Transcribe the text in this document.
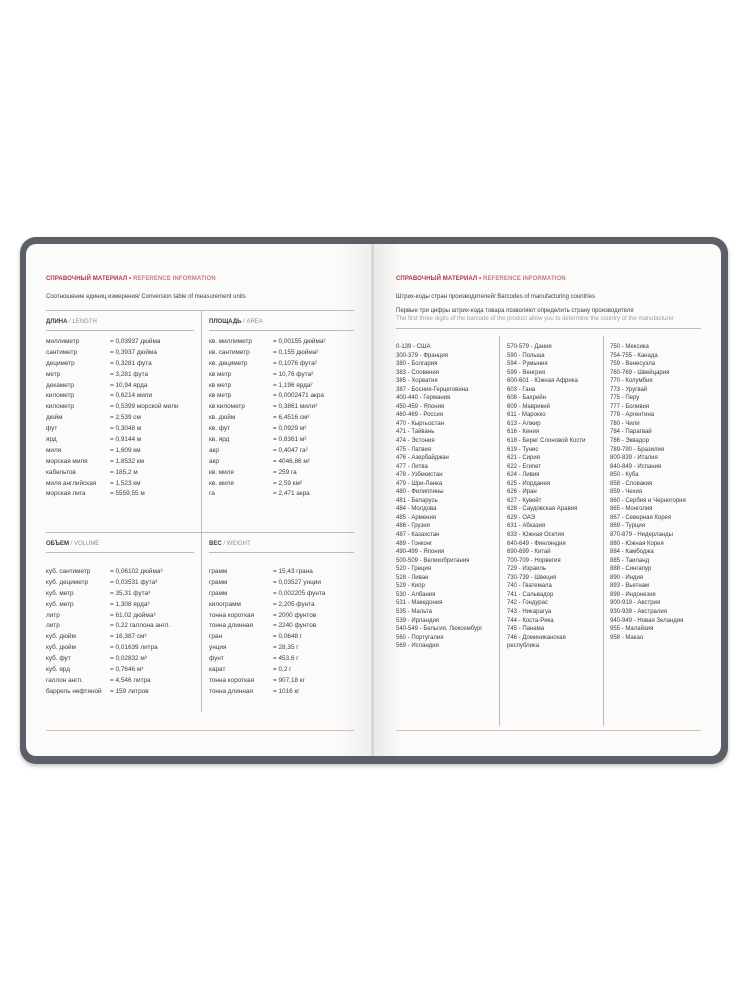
СПРАВОЧНЫЙ МАТЕРИАЛ • REFERENCE INFORMATION
Соотношение единиц измерения/ Conversion table of measurement units
ДЛИНА / LENGTH
миллиметр	= 0,03937 дюйма
сантиметр	= 0,3937 дюйма
дециметр	= 0,3281 фута
метр	= 3,281 фута
декаметр	= 10,94 ярда
километр	= 0,6214 мили
километр	= 0,5399 морской мили
дюйм	= 2,539 см
фут	= 0,3048 м
ярд	= 0,9144 м
миля	= 1,609 км
морская миля	= 1,8532 км
кабельтов	= 185,2 м
миля английская = 1,523 км
морская лига	= 5559,55 м
ПЛОЩАДЬ / AREA
кв. миллиметр	= 0,00155 дюйма²
кв. сантиметр	= 0,155 дюйма²
кв. дециметр	= 0,1076 фута²
кв метр	= 10,76 фута²
кв метр	= 1,196 ярда²
кв метр	= 0,0002471 акра
кв километр	= 0,3861 мили²
кв. дюйм	= 6,4516 см²
кв. фут	= 0,0929 м²
кв. ярд	= 0,8361 м²
акр	= 0,4047 га²
акр	= 4046,86 м²
кв. миля	= 259 га
кв. миля	= 2,59 км²
га	= 2,471 акра
ОБЪЕМ / VOLUME
куб. сантиметр	= 0,06102 дюйма³
куб. дециметр	= 0,03531 фута³
куб. метр	= 35,31 фута³
куб. метр	= 1,308 ярда³
литр	= 61,02 дюйма³
литр	= 0,22 галлона англ.
куб. дюйм	= 16,387 см³
куб. дюйм	= 0,01639 литра
куб. фут	= 0,02832 м³
куб. ярд	= 0,7646 м³
галлон англ.	= 4,546 литра
баррель нефтяной = 159 литров
ВЕС / WEIGHT
грамм	= 15,43 грана
грамм	= 0,03527 унции
грамм	= 0,002205 фунта
килограмм	= 2,205 фунта
тонна короткая	= 2000 фунтов
тонна длинная	= 2240 фунтов
гран	= 0,0648 г
унция	= 28,35 г
фунт	= 453,6 г
карат	= 0,2 г
тонна короткая	= 907,18 кг
тонна длинная	= 1016 кг
СПРАВОЧНЫЙ МАТЕРИАЛ • REFERENCE INFORMATION
Штрих-коды стран производителей/ Barcodes of manufacturing countries
Первые три цифры штрих-кода товара позволяют определить страну производителя
The first three digits of the barcode of the product allow you to determine the country of the manufacturer
0-139 - США
300-379 - Франция
380 - Болгария
383 - Словения
385 - Хорватия
387 - Босния-Герцеговина
400-440 - Германия
450-459 - Япония
460-469 - Россия
470 - Кыргызстан
471 - Тайвань
474 - Эстония
475 - Латвия
476 - Азербайджан
477 - Литва
478 - Узбекистан
479 - Шри-Ланка
480 - Филиппины
481 - Беларусь
484 - Молдова
485 - Армения
486 - Грузия
487 - Казахстан
489 - Гонконг
490-499 - Япония
500-509 - Великобритания
520 - Греция
528 - Ливан
529 - Кипр
530 - Албания
531 - Македония
535 - Мальта
539 - Ирландия
540-549 - Бельгия, Люксембург
560 - Португалия
569 - Исландия
570-579 - Дания
590 - Польша
594 - Румыния
599 - Венгрия
600-601 - Южная Африка
603 - Гана
608 - Бахрейн
609 - Маврикий
611 - Марокко
613 - Алжир
616 - Кения
618 - Берег Слоновой Кости
619 - Тунис
621 - Сирия
622 - Египет
624 - Ливия
625 - Иордания
626 - Иран
627 - Кувейт
628 - Саудовская Аравия
629 - ОАЭ
631 - Абхазия
633 - Южная Осетия
640-649 - Финляндия
690-699 - Китай
700-709 - Норвегия
729 - Израиль
730-739 - Швеция
740 - Гватемала
741 - Сальвадор
742 - Гондурас
743 - Никарагуа
744 - Коста-Рика
745 - Панама
746 - Доминиканская
республика
750 - Мексика
754-755 - Канада
759 - Венесуэла
760-769 - Швейцария
770 - Колумбия
773 - Уругвай
775 - Перу
777 - Боливия
779 - Аргентина
780 - Чили
784 - Парагвай
786 - Эквадор
789-790 - Бразилия
800-839 - Италия
840-849 - Испания
850 - Куба
858 - Словакия
859 - Чехия
860 - Сербия и Черногория
865 - Монголия
867 - Северная Корея
869 - Турция
870-879 - Нидерланды
880 - Южная Корея
884 - Камбоджа
885 - Таиланд
888 - Сингапур
890 - Индия
893 - Вьетнам
899 - Индонезия
900-919 - Австрия
930-939 - Австралия
940-949 - Новая Зеландия
955 - Малайзия
958 - Макао
